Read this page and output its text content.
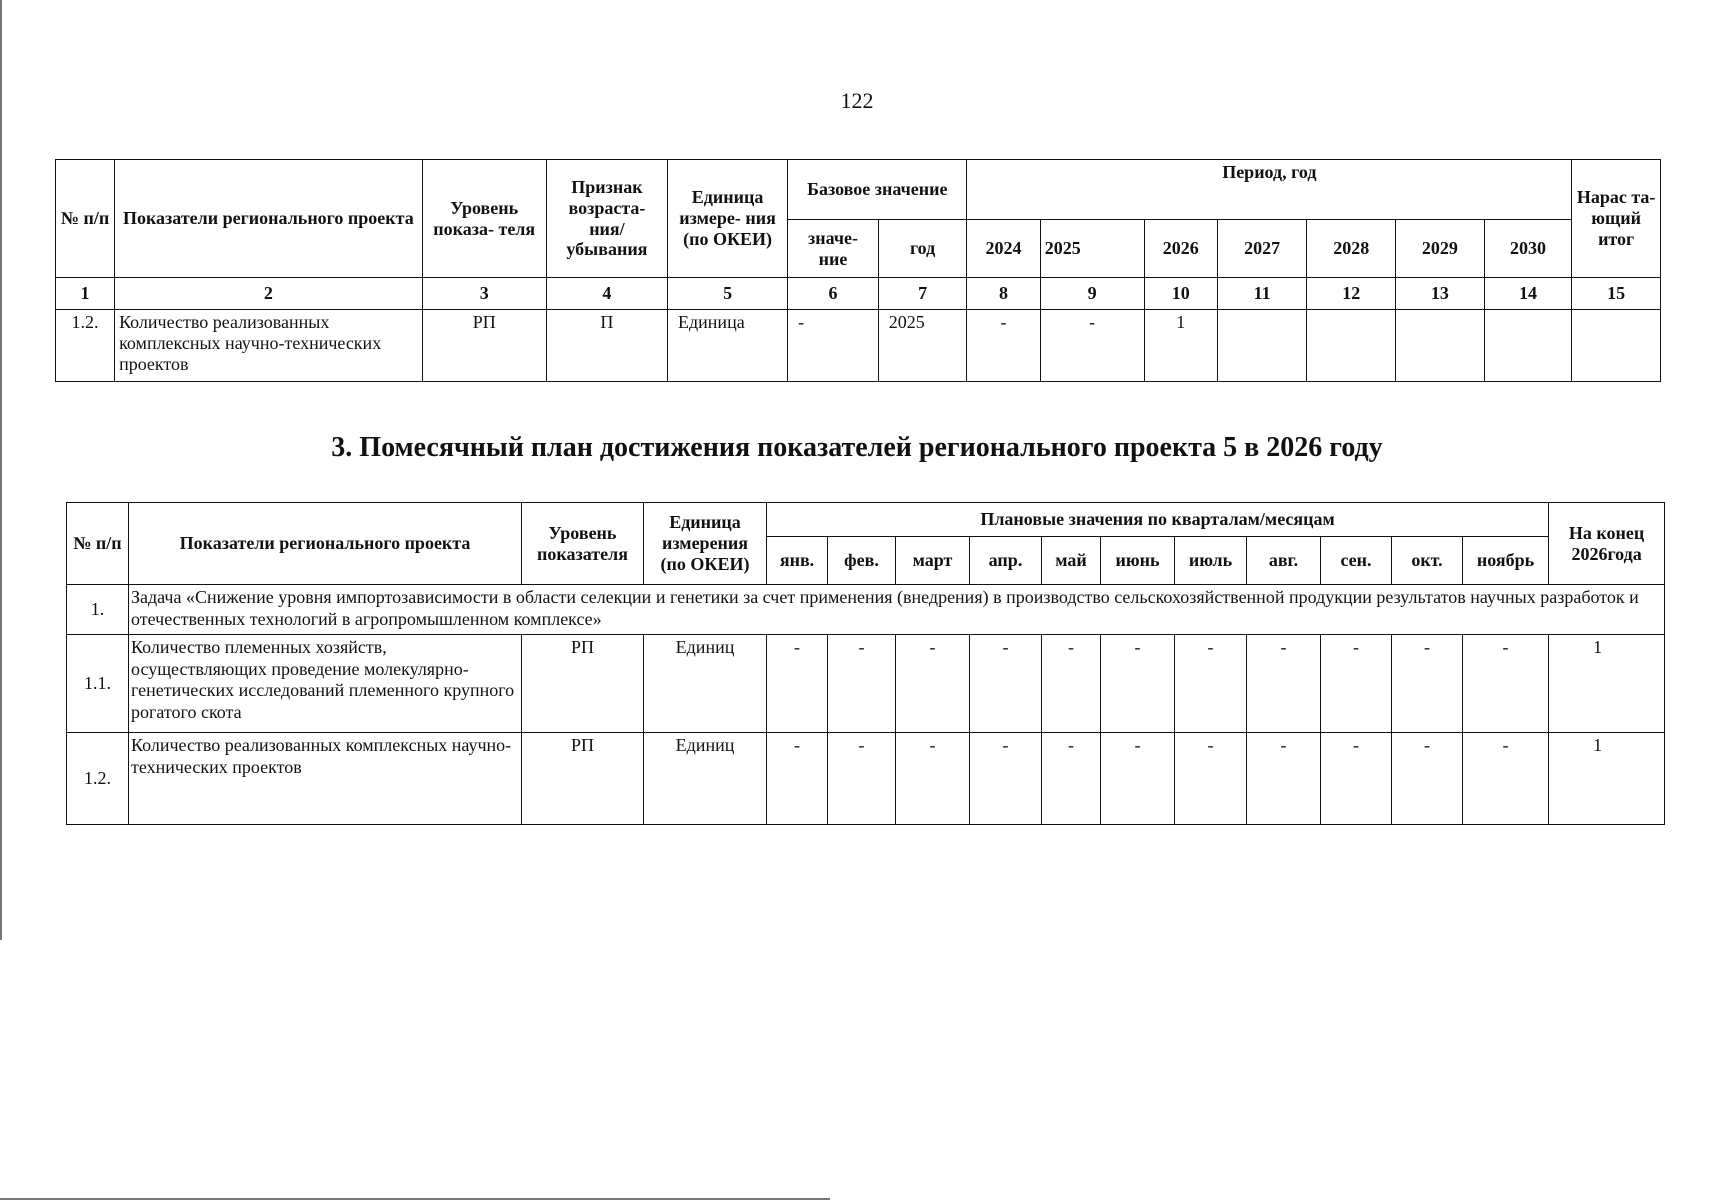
122
№ п/п	Показатели регионального проекта	Уровень показа- теля	Признак возраста- ния/ убывания	Единица измере- ния (по ОКЕИ)	Базовое значение		Период, год							Нарас та- ющий итог
					значе- ние	год	2024	2025	2026	2027	2028	2029	2030	
1	2	3	4	5	6	7	8	9	10	11	12	13	14	15
1.2.	Количество реализованных комплексных научно-технических проектов	РП	П	Единица	-	2025	-	-	1					
3. Помесячный план достижения показателей регионального проекта 5 в 2026 году
№ п/п	Показатели регионального проекта	Уровень показателя	Единица измерения (по ОКЕИ)	Плановые значения по кварталам/месяцам											На конец 2026года
				янв.	фев.	март	апр.	май	июнь	июль	авг.	сен.	окт.	ноябрь	
1.	Задача «Снижение уровня импортозависимости в области селекции и генетики за счет применения (внедрения) в производство сельскохозяйственной продукции результатов научных разработок и отечественных технологий в агропромышленном комплексе»														
1.1.	Количество племенных хозяйств, осуществляющих проведение молекулярно-генетических исследований племенного крупного рогатого скота	РП	Единиц	-	-	-	-	-	-	-	-	-	-	-	1
1.2.	Количество реализованных комплексных научно-технических проектов	РП	Единиц	-	-	-	-	-	-	-	-	-	-	-	1
